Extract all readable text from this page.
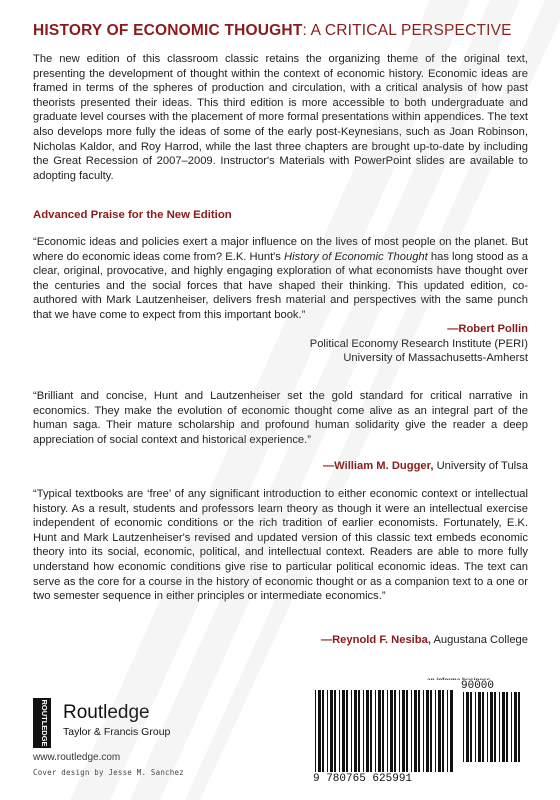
HISTORY OF ECONOMIC THOUGHT: A CRITICAL PERSPECTIVE

The new edition of this classroom classic retains the organizing theme of the original text, presenting the development of thought within the context of economic history. Economic ideas are framed in terms of the spheres of production and circulation, with a critical analysis of how past theorists presented their ideas. This third edition is more accessible to both undergraduate and graduate level courses with the placement of more formal presentations within appendices. The text also develops more fully the ideas of some of the early post-Keynesians, such as Joan Robinson, Nicholas Kaldor, and Roy Harrod, while the last three chapters are brought up-to-date by including the Great Recession of 2007–2009. Instructor's Materials with PowerPoint slides are available to adopting faculty.

Advanced Praise for the New Edition

“Economic ideas and policies exert a major influence on the lives of most people on the planet. But where do economic ideas come from? E.K. Hunt's History of Economic Thought has long stood as a clear, original, provocative, and highly engaging exploration of what economists have thought over the centuries and the social forces that have shaped their thinking. This updated edition, co-authored with Mark Lautzenheiser, delivers fresh material and perspectives with the same punch that we have come to expect from this important book.”

—Robert Pollin
Political Economy Research Institute (PERI)
University of Massachusetts-Amherst

“Brilliant and concise, Hunt and Lautzenheiser set the gold standard for critical narrative in economics. They make the evolution of economic thought come alive as an integral part of the human saga. Their mature scholarship and profound human solidarity give the reader a deep appreciation of social context and historical experience.”

—William M. Dugger, University of Tulsa

“Typical textbooks are ‘free’ of any significant introduction to either economic context or intellectual history. As a result, students and professors learn theory as though it were an intellectual exercise independent of economic conditions or the rich tradition of earlier economists. Fortunately, E.K. Hunt and Mark Lautzenheiser's revised and updated version of this classic text embeds economic theory into its social, economic, political, and intellectual context. Readers are able to more fully understand how economic conditions give rise to particular political economic ideas. The text can serve as the core for a course in the history of economic thought or as a companion text to a one or two semester sequence in either principles or intermediate economics.”

—Reynold F. Nesiba, Augustana College
ROUTLEDGE Routledge
Taylor & Francis Group
www.routledge.com
Cover design by Jesse M. Sanchez
9 780765 625991
90000
